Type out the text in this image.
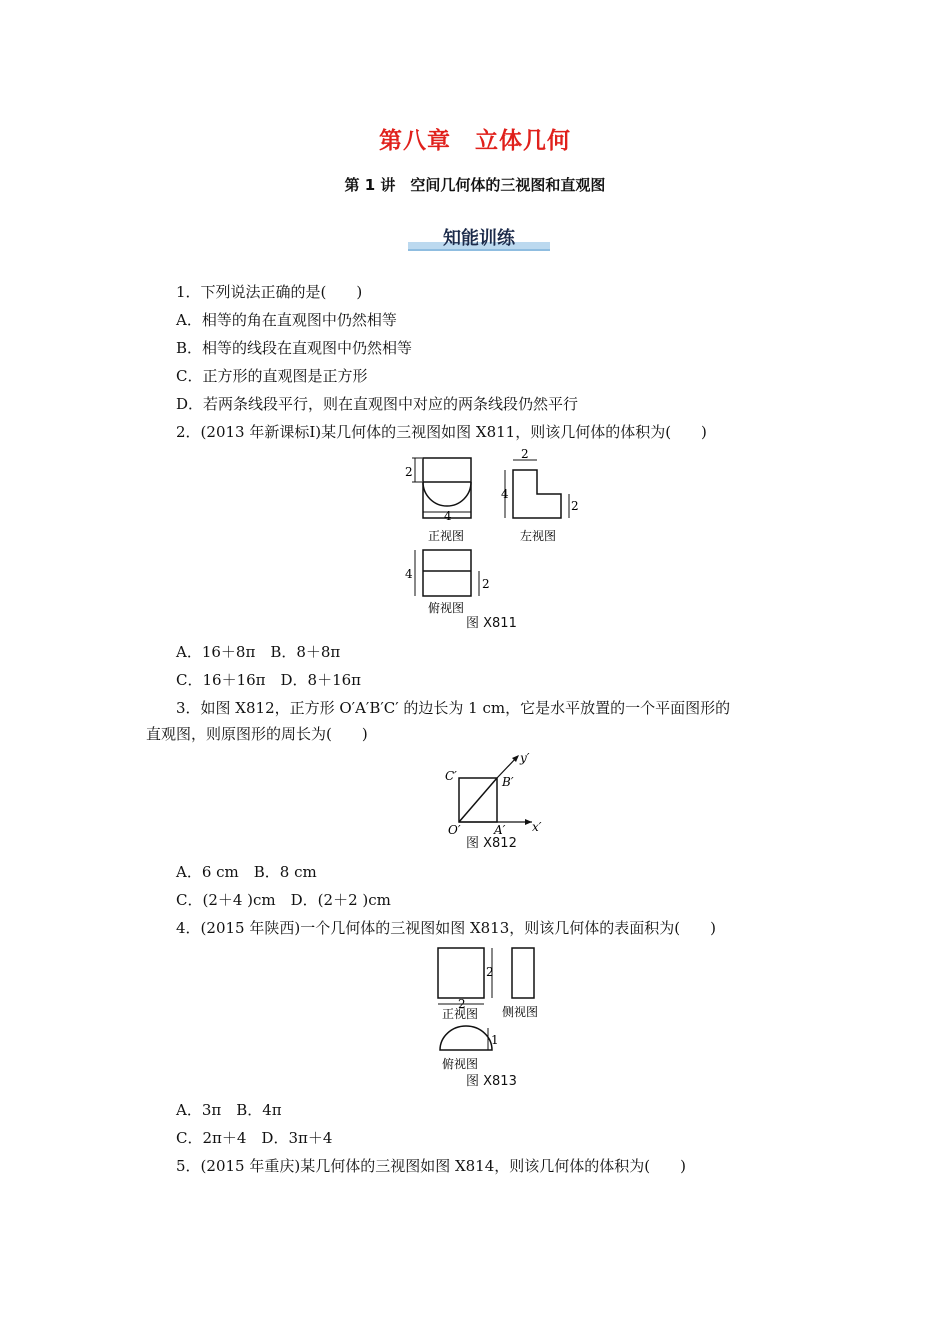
第八章　立体几何
第 1 讲　空间几何体的三视图和直观图
知能训练
1．下列说法正确的是(　　)
A．相等的角在直观图中仍然相等
B．相等的线段在直观图中仍然相等
C．正方形的直观图是正方形
D．若两条线段平行，则在直观图中对应的两条线段仍然平行
2．(2013 年新课标Ⅰ)某几何体的三视图如图 X811，则该几何体的体积为(　　)
2
4
正视图
2
4
2
左视图
4
2
俯视图
图 X811
A．16＋8π　B．8＋8π
C．16＋16π　D．8＋16π
3．如图 X812，正方形 O′A′B′C′ 的边长为 1 cm，它是水平放置的一个平面图形的
直观图，则原图形的周长为(　　)
C′	B′
O′	A′ x′
y′
图 X812
A．6 cm　B．8 cm
C．(2＋4 )cm　D．(2＋2 )cm
4．(2015 年陕西)一个几何体的三视图如图 X813，则该几何体的表面积为(　　)
2
2
正视图 侧视图
1
俯视图
图 X813
A．3π　B．4π
C．2π＋4　D．3π＋4
5．(2015 年重庆)某几何体的三视图如图 X814，则该几何体的体积为(　　)
